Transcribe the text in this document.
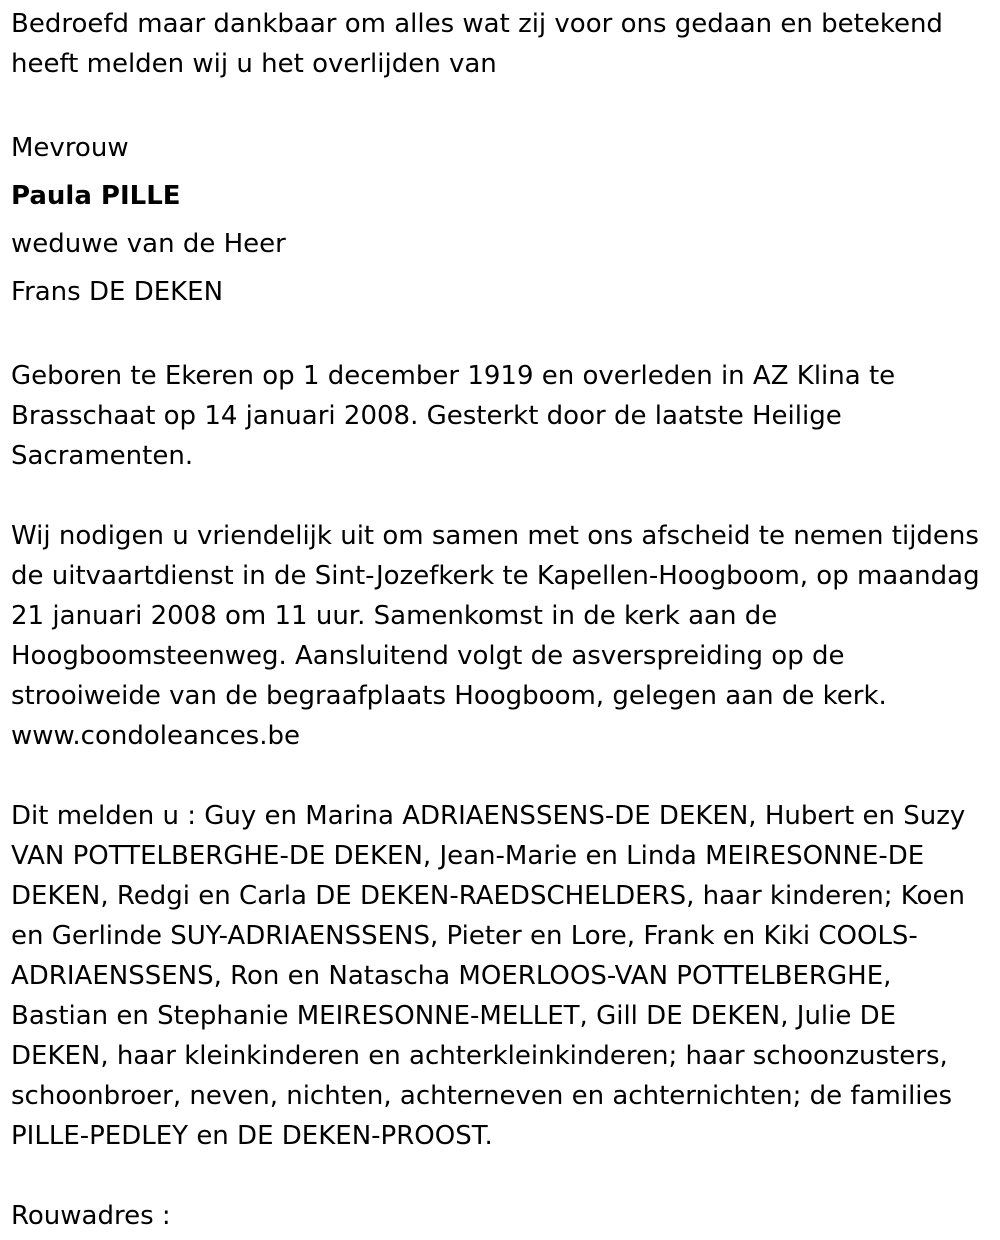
Bedroefd maar dankbaar om alles wat zij voor ons gedaan en betekend heeft melden wij u het overlijden van

Mevrouw

Paula PILLE

weduwe van de Heer

Frans DE DEKEN

Geboren te Ekeren op 1 december 1919 en overleden in AZ Klina te Brasschaat op 14 januari 2008. Gesterkt door de laatste Heilige Sacramenten.

Wij nodigen u vriendelijk uit om samen met ons afscheid te nemen tijdens de uitvaartdienst in de Sint-Jozefkerk te Kapellen-Hoogboom, op maandag 21 januari 2008 om 11 uur. Samenkomst in de kerk aan de Hoogboomsteenweg. Aansluitend volgt de asverspreiding op de strooiweide van de begraafplaats Hoogboom, gelegen aan de kerk.
www.condoleances.be

Dit melden u : Guy en Marina ADRIAENSSENS-DE DEKEN, Hubert en Suzy VAN POTTELBERGHE-DE DEKEN, Jean-Marie en Linda MEIRESONNE-DE DEKEN, Redgi en Carla DE DEKEN-RAEDSCHELDERS, haar kinderen; Koen en Gerlinde SUY-ADRIAENSSENS, Pieter en Lore, Frank en Kiki COOLS-ADRIAENSSENS, Ron en Natascha MOERLOOS-VAN POTTELBERGHE, Bastian en Stephanie MEIRESONNE-MELLET, Gill DE DEKEN, Julie DE DEKEN, haar kleinkinderen en achterkleinkinderen; haar schoonzusters, schoonbroer, neven, nichten, achterneven en achternichten; de families PILLE-PEDLEY en DE DEKEN-PROOST.

Rouwadres :
